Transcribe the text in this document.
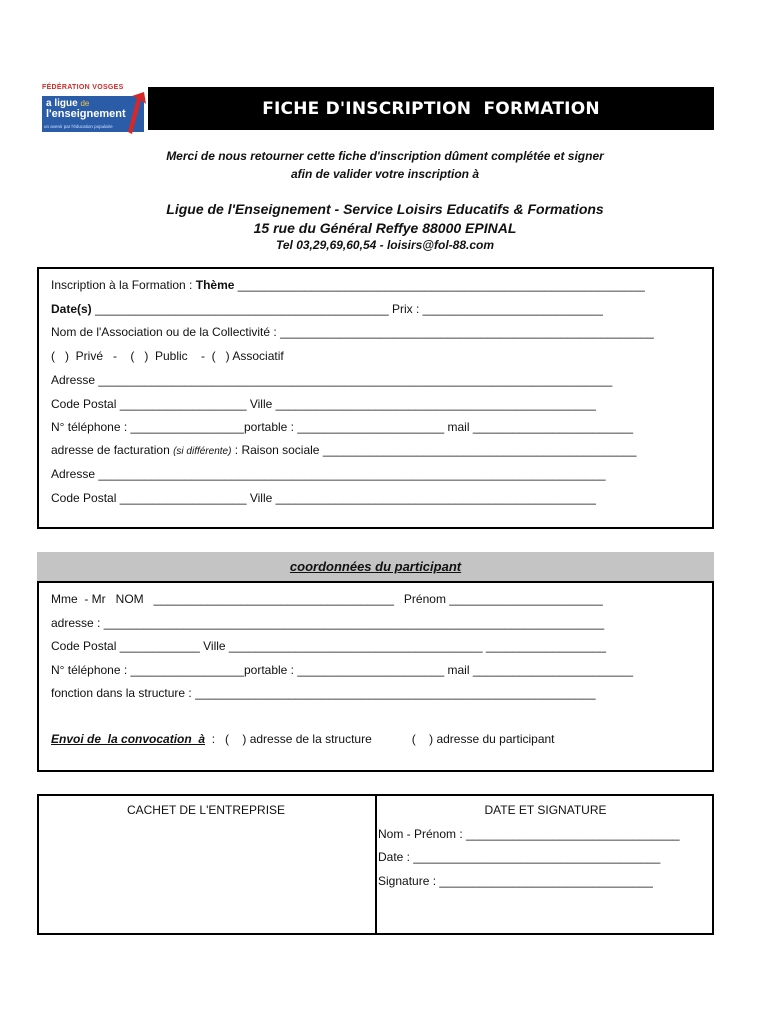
FÉDÉRATION VOSGES
a ligue de
l'enseignement
un avenir par l'éducation populaire
FICHE D'INSCRIPTION  FORMATION
Merci de nous retourner cette fiche d'inscription dûment complétée et signer
afin de valider votre inscription à
Ligue de l'Enseignement - Service Loisirs Educatifs & Formations
15 rue du Général Reffye 88000 EPINAL
Tel 03,29,69,60,54 - loisirs@fol-88.com
Inscription à la Formation : Thème _____________________________________________________________
Date(s) ____________________________________________ Prix : ___________________________
Nom de l'Association ou de la Collectivité : ________________________________________________________
(   )  Privé   -    (   )  Public    -  (   ) Associatif
Adresse _____________________________________________________________________________
Code Postal ___________________ Ville ________________________________________________
N° téléphone : _________________portable : ______________________ mail ________________________
adresse de facturation (si différente) : Raison sociale _______________________________________________
Adresse ____________________________________________________________________________
Code Postal ___________________ Ville ________________________________________________
coordonnées du participant
Mme  - Mr   NOM   ____________________________________   Prénom _______________________
adresse : ___________________________________________________________________________
Code Postal ____________ Ville ______________________________________ __________________
N° téléphone : _________________portable : ______________________ mail ________________________
fonction dans la structure : ____________________________________________________________
Envoi de  la convocation  à  :   (    ) adresse de la structure            (    ) adresse du participant
CACHET DE L'ENTREPRISE	DATE ET SIGNATURE
Nom - Prénom : ________________________________
Date : _____________________________________
Signature : ________________________________
